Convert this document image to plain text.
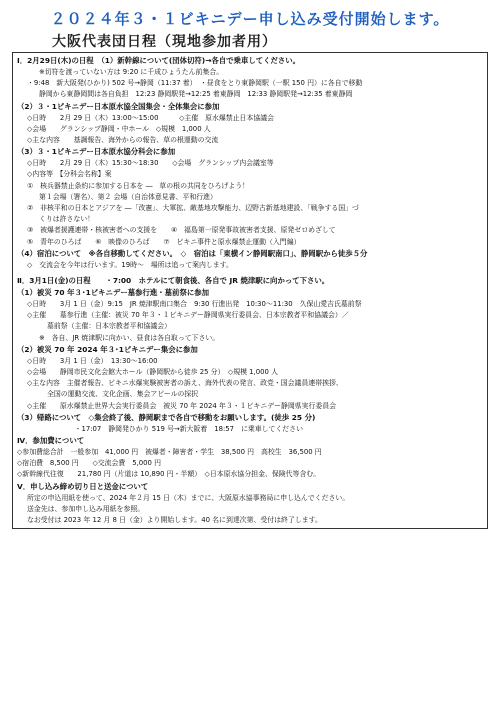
２０２４年３・１ビキニデー申し込み受付開始します。
大阪代表団日程（現地参加者用）
Ⅰ．2月29日(木)の日程　（1）新幹線について(団体切符)→各自で乗車してください。
※切符を渡っていない方は 9:20 に千成ひょうたん前集合。
・9:48　新大阪発(ひかり) 502 号→静岡（11:37 着）　・昼食をとり東静岡駅（一駅 150 円）に各自で移動
静岡から東静岡間は各自負担　12:23 静岡駅発→12:25 着東静岡　12:33 静岡駅発→12:35 着東静岡
（2）３・1ビキニデー日本原水協全国集会・全体集会に参加
◇日時　　2月 29 日（木）13:00～15:00　　　◇主催　原水爆禁止日本協議会
◇会場　　グランシップ静岡・中ホール　◇規模　1,000 人
◇主な内容　　基調報告、海外からの報告、草の根運動の交流
（3）３・1ビキニデー日本原水協分科会に参加
◇日時　　2月 29 日（木）15:30～18:30　　◇会場　グランシップ内会議室等
◇内容等　【分科会名称】案
①　核兵器禁止条約に参加する日本を ―　草の根の共同をひろげよう！
第１会場（署名）、第２ 会場（自治体意見書、平和行進）
②　非核平和の日本とアジアを ―「改憲」、大軍拡、敵基地攻撃能力、辺野古新基地建設、「戦争する国」づ
くりは許さない！
③　被爆者援護連帯・核被害者への支援を　　④　福島第一原発事故被害者支援、原発ゼロめざして
⑤　青年のひろば　　⑥　映像のひろば　　⑦　ビキニ事件と原水爆禁止運動（入門編）
（4）宿泊について　※各自移動してください。　◇　宿泊は「東横イン静岡駅南口」、静岡駅から徒歩５分
◇　交流会を今年は行います。19時～　場所は追って案内します。
Ⅱ．3月1日(金)の日程　　・7:00　ホテルにて朝食後、各自で JR 焼津駅に向かって下さい。
（1）被災 70 年３･1ビキニデー墓参行進・墓前祭に参加
◇日時　　3月 1 日（金）9:15　JR 焼津駅南口集合　9:30 行進出発　10:30～11:30　久保山愛吉氏墓前祭
◇主催　　墓参行進（主催：被災 70 年３・１ビキニデー静岡県実行委員会、日本宗教者平和協議会）／
墓前祭（主催：日本宗教者平和協議会）
※　各自、JR 焼津駅に向かい、昼食は各自取って下さい。
（2）被災 70 年 2024 年３･1ビキニデー集会に参加
◇日時　　3月 1 日（金）　13:30～16:00
◇会場　　静岡市民文化会館大ホール（静岡駅から徒歩 25 分）　◇規模 1,000 人
◇主な内容　主催者報告、ビキニ水爆実験被害者の訴え、海外代表の発言、政党・国会議員連帯挨拶、
全国の運動交流、文化企画、集会アピールの採択
◇主催　　原水爆禁止世界大会実行委員会　被災 70 年 2024 年３・１ビキニデー静岡県実行委員会
（3）帰路について　◇集会終了後、静岡駅まで各自で移動をお願いします。(徒歩 25 分)
　　　　・17:07　静岡発ひかり 519 号→新大阪着　18:57　に乗車してください
Ⅳ．参加費について
◇参加費総合計　一般参加　41,000 円　被爆者・障害者・学生　38,500 円　高校生　36,500 円
◇宿泊費　8,500 円　　◇交流会費　5,000 円
◇新幹線代往復　　21,780 円（片道は 10,890 円・半額）　◇日本原水協分担金、保険代等含む。
Ⅴ．申し込み締め切り日と送金について
所定の申込用紙を使って、2024 年２月 15 日（木）までに、大阪原水協事務局に申し込んでください。
送金先は、参加申し込み用紙を参照。
なお受付は 2023 年 12 月 8 日（金）より開始します。40 名に到達次第、受付は終了します。
